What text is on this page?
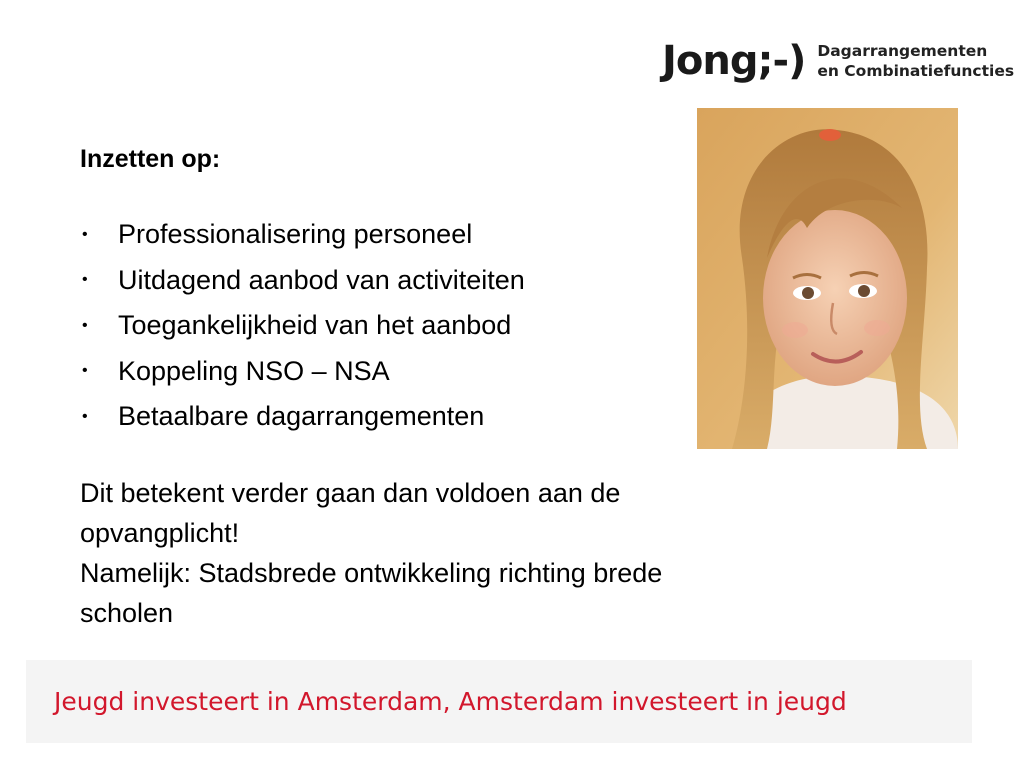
Jong;-) Dagarrangementen
en Combinatiefuncties
Inzetten op:
•	Professionalisering personeel
•	Uitdagend aanbod van activiteiten
•	Toegankelijkheid van het aanbod
•	Koppeling NSO – NSA
•	Betaalbare dagarrangementen

Dit betekent verder gaan dan voldoen aan de
opvangplicht!
Namelijk: Stadsbrede ontwikkeling richting brede
scholen

Jeugd investeert in Amsterdam, Amsterdam investeert in jeugd
